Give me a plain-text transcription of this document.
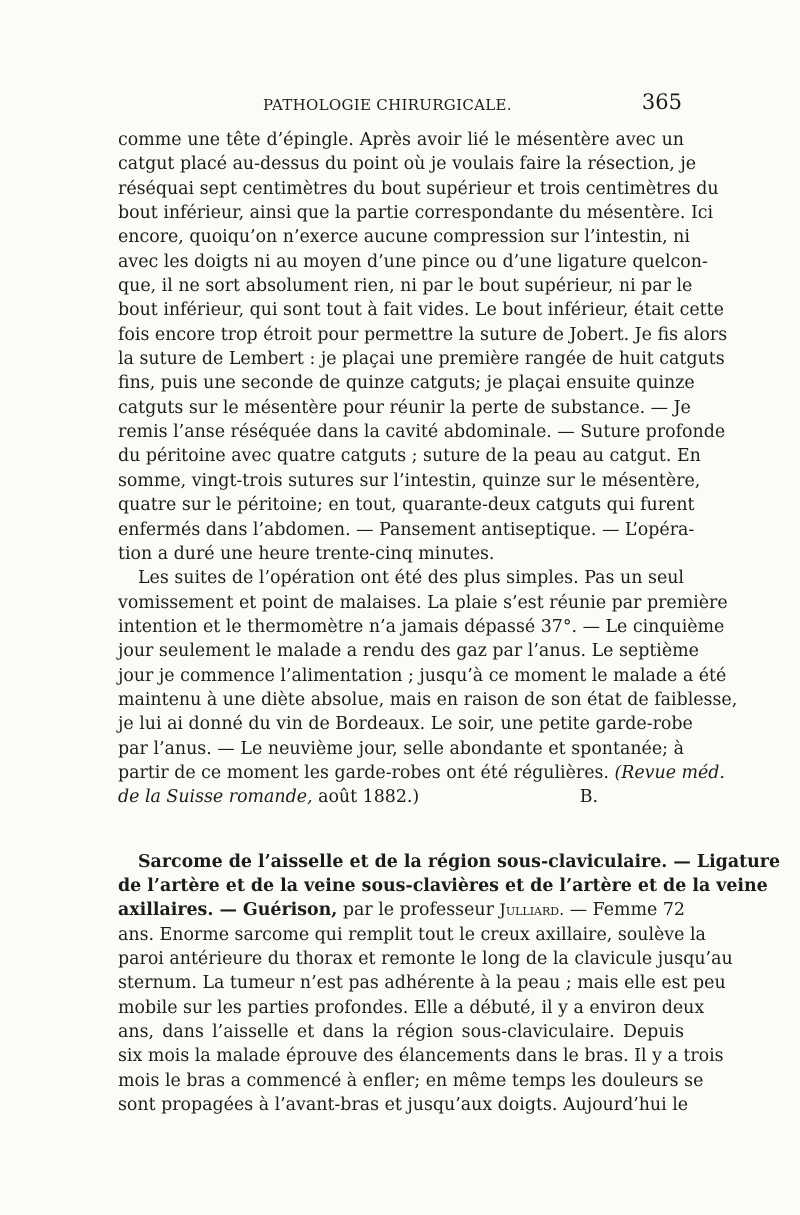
PATHOLOGIE CHIRURGICALE.	365
comme une tête d’épingle. Après avoir lié le mésentère avec un
catgut placé au-dessus du point où je voulais faire la résection, je
réséquai sept centimètres du bout supérieur et trois centimètres du
bout inférieur, ainsi que la partie correspondante du mésentère. Ici
encore, quoiqu’on n’exerce aucune compression sur l’intestin, ni
avec les doigts ni au moyen d’une pince ou d’une ligature quelcon-
que, il ne sort absolument rien, ni par le bout supérieur, ni par le
bout inférieur, qui sont tout à fait vides. Le bout inférieur, était cette
fois encore trop étroit pour permettre la suture de Jobert. Je fis alors
la suture de Lembert : je plaçai une première rangée de huit catguts
fins, puis une seconde de quinze catguts; je plaçai ensuite quinze
catguts sur le mésentère pour réunir la perte de substance. — Je
remis l’anse réséquée dans la cavité abdominale. — Suture profonde
du péritoine avec quatre catguts ; suture de la peau au catgut. En
somme, vingt-trois sutures sur l’intestin, quinze sur le mésentère,
quatre sur le péritoine; en tout, quarante-deux catguts qui furent
enfermés dans l’abdomen. — Pansement antiseptique. — L’opéra-
tion a duré une heure trente-cinq minutes.
Les suites de l’opération ont été des plus simples. Pas un seul
vomissement et point de malaises. La plaie s’est réunie par première
intention et le thermomètre n’a jamais dépassé 37°. — Le cinquième
jour seulement le malade a rendu des gaz par l’anus. Le septième
jour je commence l’alimentation ; jusqu’à ce moment le malade a été
maintenu à une diète absolue, mais en raison de son état de faiblesse,
je lui ai donné du vin de Bordeaux. Le soir, une petite garde-robe
par l’anus. — Le neuvième jour, selle abondante et spontanée; à
partir de ce moment les garde-robes ont été régulières. (Revue méd.
de la Suisse romande, août 1882.)	B.
Sarcome de l’aisselle et de la région sous-claviculaire. — Ligature
de l’artère et de la veine sous-clavières et de l’artère et de la veine
axillaires. — Guérison, par le professeur Julliard. — Femme 72
ans. Enorme sarcome qui remplit tout le creux axillaire, soulève la
paroi antérieure du thorax et remonte le long de la clavicule jusqu’au
sternum. La tumeur n’est pas adhérente à la peau ; mais elle est peu
mobile sur les parties profondes. Elle a débuté, il y a environ deux
ans, dans l’aisselle et dans la région sous-claviculaire. Depuis
six mois la malade éprouve des élancements dans le bras. Il y a trois
mois le bras a commencé à enfler; en même temps les douleurs se
sont propagées à l’avant-bras et jusqu’aux doigts. Aujourd’hui le
